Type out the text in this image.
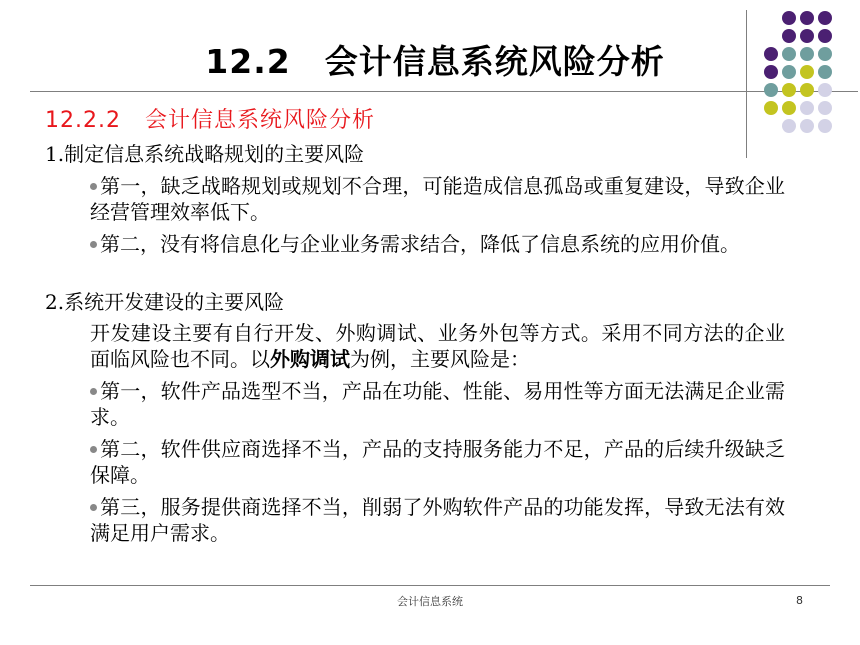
12.2　会计信息系统风险分析
12.2.2 会计信息系统风险分析
1.制定信息系统战略规划的主要风险
第一，缺乏战略规划或规划不合理，可能造成信息孤岛或重复建设，导致企业经营管理效率低下。
第二，没有将信息化与企业业务需求结合，降低了信息系统的应用价值。
2.系统开发建设的主要风险
开发建设主要有自行开发、外购调试、业务外包等方式。采用不同方法的企业面临风险也不同。以外购调试为例，主要风险是：
第一，软件产品选型不当，产品在功能、性能、易用性等方面无法满足企业需求。
第二，软件供应商选择不当，产品的支持服务能力不足，产品的后续升级缺乏保障。
第三，服务提供商选择不当，削弱了外购软件产品的功能发挥，导致无法有效满足用户需求。
会计信息系统	8
